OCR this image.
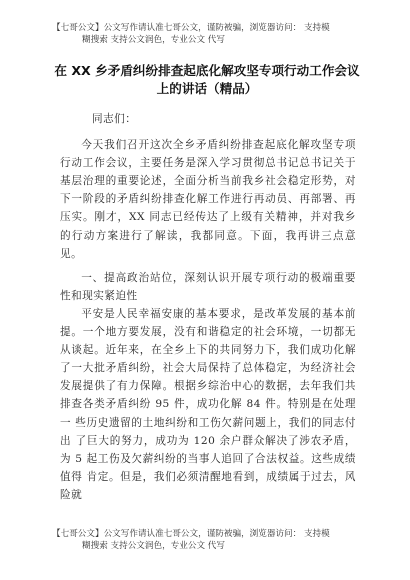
【七哥公文】公文写作请认准七哥公文，谨防被骗，浏览器访问： 支持模
糊搜索 支持公文润色，专业公文 代写
在 XX 乡矛盾纠纷排查起底化解攻坚专项行动工作会议上的讲话（精品）

同志们：

今天我们召开这次全乡矛盾纠纷排查起底化解攻坚专项行动工作会议，主要任务是深入学习贯彻总书记总书记关于基层治理的重要论述，全面分析当前我乡社会稳定形势，对下一阶段的矛盾纠纷排查化解工作进行再动员、再部署、再压实。刚才，XX 同志已经传达了上级有关精神，并对我乡的行动方案进行了解读，我都同意。下面，我再讲三点意见。

一、提高政治站位，深刻认识开展专项行动的极端重要性和现实紧迫性

平安是人民幸福安康的基本要求，是改革发展的基本前提。一个地方要发展，没有和谐稳定的社会环境，一切都无从谈起。近年来，在全乡上下的共同努力下，我们成功化解了一大批矛盾纠纷，社会大局保持了总体稳定，为经济社会发展提供了有力保障。根据乡综治中心的数据，去年我们共排查各类矛盾纠纷 95 件，成功化解 84 件。特别是在处理一 些历史遗留的土地纠纷和工伤欠薪问题上，我们的同志付出 了巨大的努力，成功为 120 余户群众解决了涉农矛盾，为 5 起工伤及欠薪纠纷的当事人追回了合法权益。这些成绩值得 肯定。但是，我们必须清醒地看到，成绩属于过去，风险就

【七哥公文】公文写作请认准七哥公文，谨防被骗，浏览器访问： 支持模
糊搜索 支持公文润色，专业公文 代写
